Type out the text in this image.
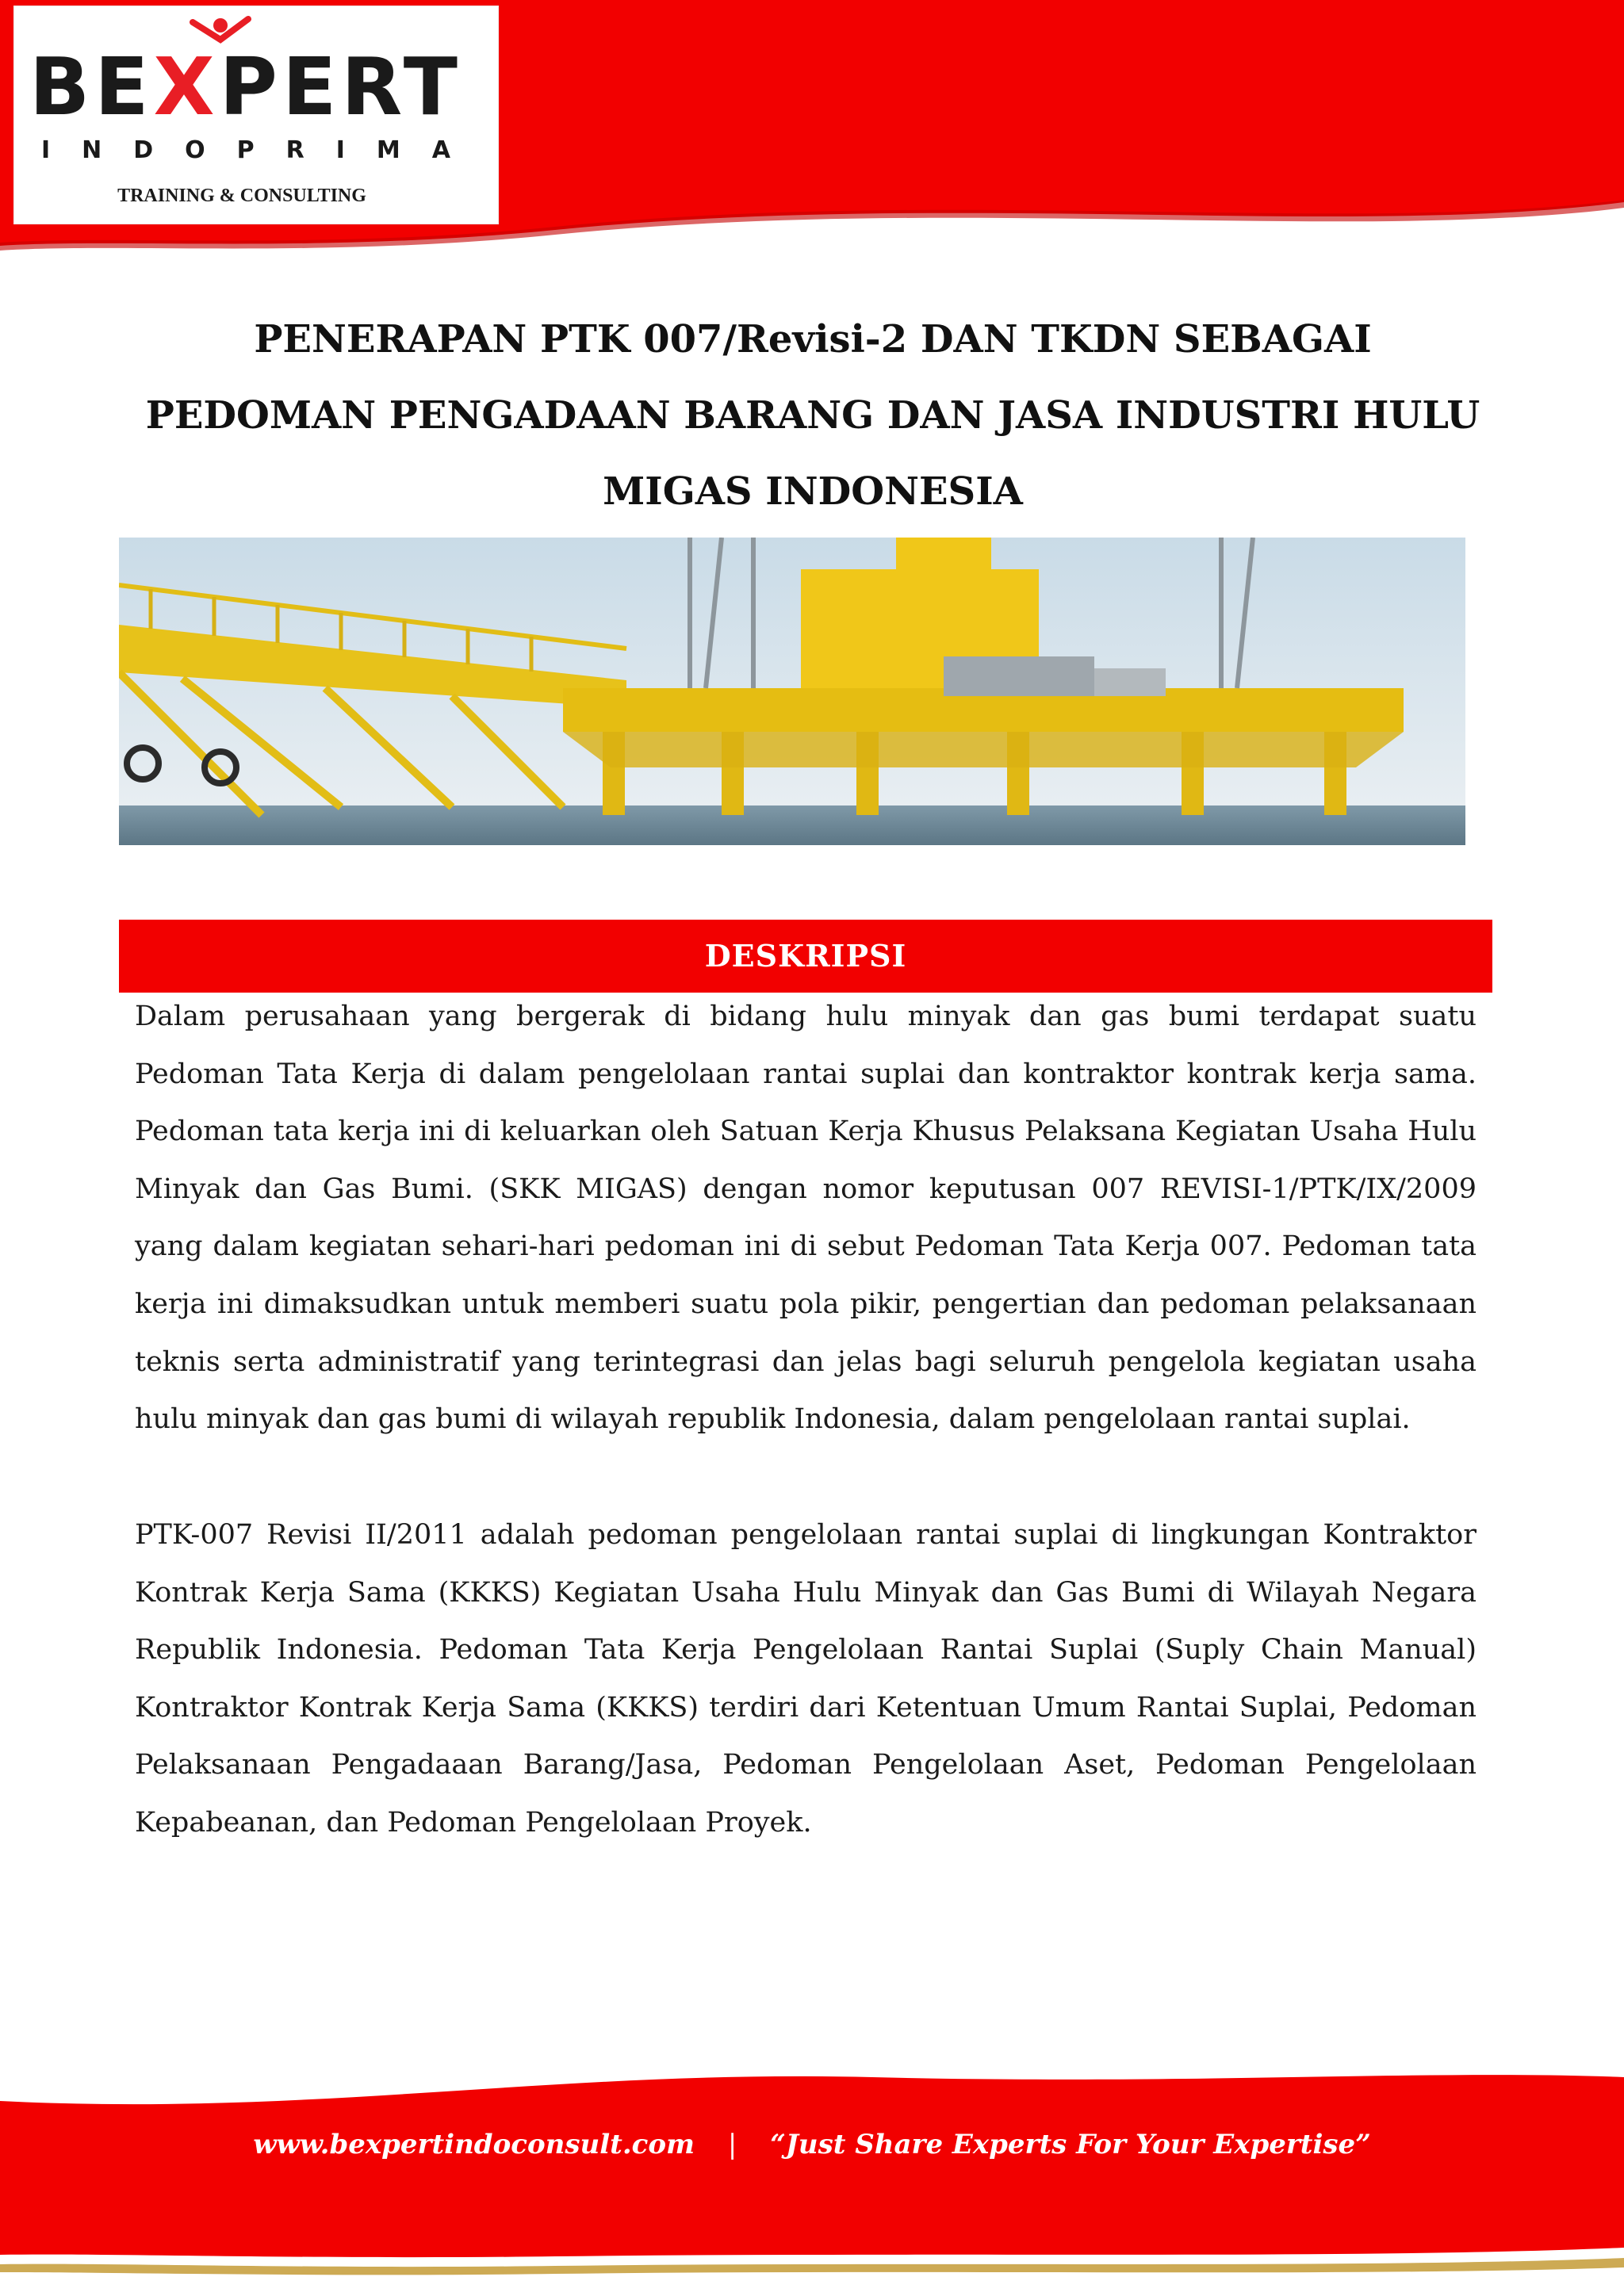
BEXPERT
INDOPRIMA
TRAINING & CONSULTING
PENERAPAN PTK 007/Revisi-2 DAN TKDN SEBAGAI
PEDOMAN PENGADAAN BARANG DAN JASA INDUSTRI HULU
MIGAS INDONESIA
DESKRIPSI

Dalam perusahaan yang bergerak di bidang hulu minyak dan gas bumi terdapat suatu Pedoman Tata Kerja di dalam pengelolaan rantai suplai dan kontraktor kontrak kerja sama. Pedoman tata kerja ini di keluarkan oleh Satuan Kerja Khusus Pelaksana Kegiatan Usaha Hulu Minyak dan Gas Bumi. (SKK MIGAS) dengan nomor keputusan 007 REVISI-1/PTK/IX/2009 yang dalam kegiatan sehari-hari pedoman ini di sebut Pedoman Tata Kerja 007. Pedoman tata kerja ini dimaksudkan untuk memberi suatu pola pikir, pengertian dan pedoman pelaksanaan teknis serta administratif yang terintegrasi dan jelas bagi seluruh pengelola kegiatan usaha hulu minyak dan gas bumi di wilayah republik Indonesia, dalam pengelolaan rantai suplai.

PTK-007 Revisi II/2011 adalah pedoman pengelolaan rantai suplai di lingkungan Kontraktor Kontrak Kerja Sama (KKKS) Kegiatan Usaha Hulu Minyak dan Gas Bumi di Wilayah Negara Republik Indonesia. Pedoman Tata Kerja Pengelolaan Rantai Suplai (Suply Chain Manual) Kontraktor Kontrak Kerja Sama (KKKS) terdiri dari Ketentuan Umum Rantai Suplai, Pedoman Pelaksanaan Pengadaaan Barang/Jasa, Pedoman Pengelolaan Aset, Pedoman Pengelolaan Kepabeanan, dan Pedoman Pengelolaan Proyek.

www.bexpertindoconsult.com | “Just Share Experts For Your Expertise”
